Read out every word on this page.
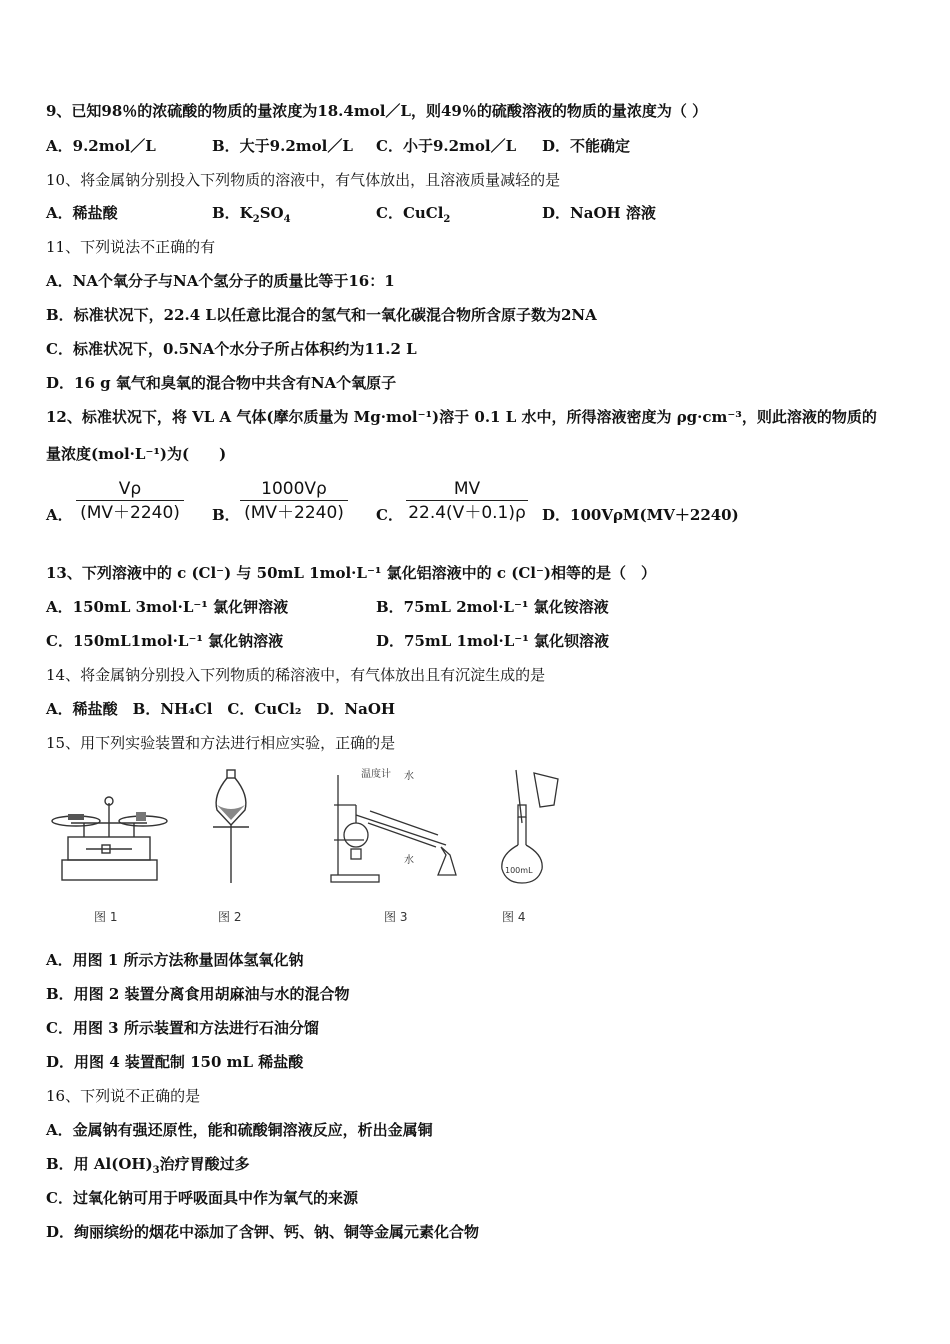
9、已知98％的浓硫酸的物质的量浓度为18.4mol／L，则49％的硫酸溶液的物质的量浓度为（ ）
A．9.2mol／L	B．大于9.2mol／L C．小于9.2mol／L D．不能确定
10、将金属钠分别投入下列物质的溶液中，有气体放出，且溶液质量减轻的是
A．稀盐酸	B．$K_2SO_4$	C．CuCl$_2$	D．NaOH 溶液
11、下列说法不正确的有
A．NA个氧分子与NA个氢分子的质量比等于16：1
B．标准状况下，22.4 L以任意比混合的氢气和一氧化碳混合物所含原子数为2NA
C．标准状况下，0.5NA个水分子所占体积约为11.2 L
D．16 g 氧气和臭氧的混合物中共含有NA个氧原子
12、标准状况下，将 VL A 气体(摩尔质量为 Mg·mol⁻¹)溶于 0.1 L 水中，所得溶液密度为 ρg·cm⁻³，则此溶液的物质的
量浓度(mol·L⁻¹)为(　　)
A． $\frac{V\rho}{(MV+2240)}$ B． $\frac{1000V\rho}{(MV+2240)}$ C． $\frac{MV}{22.4(V+0.1)\rho}$ D．100VρM(MV＋2240)
13、下列溶液中的 c (Cl⁻) 与 50mL 1mol·L⁻¹ 氯化铝溶液中的 c (Cl⁻)相等的是（　）
A．150mL 3mol·L⁻¹ 氯化钾溶液	B．75mL 2mol·L⁻¹ 氯化铵溶液
C．150mL1mol·L⁻¹ 氯化钠溶液	D．75mL 1mol·L⁻¹ 氯化钡溶液
14、将金属钠分别投入下列物质的稀溶液中，有气体放出且有沉淀生成的是
A．稀盐酸　B．NH₄Cl　C．CuCl₂　D．NaOH
15、用下列实验装置和方法进行相应实验，正确的是
图 1	图 2
温度计 水
水
图 3
100mL
图 4
A．用图 1 所示方法称量固体氢氧化钠
B．用图 2 装置分离食用胡麻油与水的混合物
C．用图 3 所示装置和方法进行石油分馏
D．用图 4 装置配制 150 mL 稀盐酸
16、下列说不正确的是
A．金属钠有强还原性，能和硫酸铜溶液反应，析出金属铜
B．用 $Al(OH)_3$治疗胃酸过多
C．过氧化钠可用于呼吸面具中作为氧气的来源
D．绚丽缤纷的烟花中添加了含钾、钙、钠、铜等金属元素化合物
